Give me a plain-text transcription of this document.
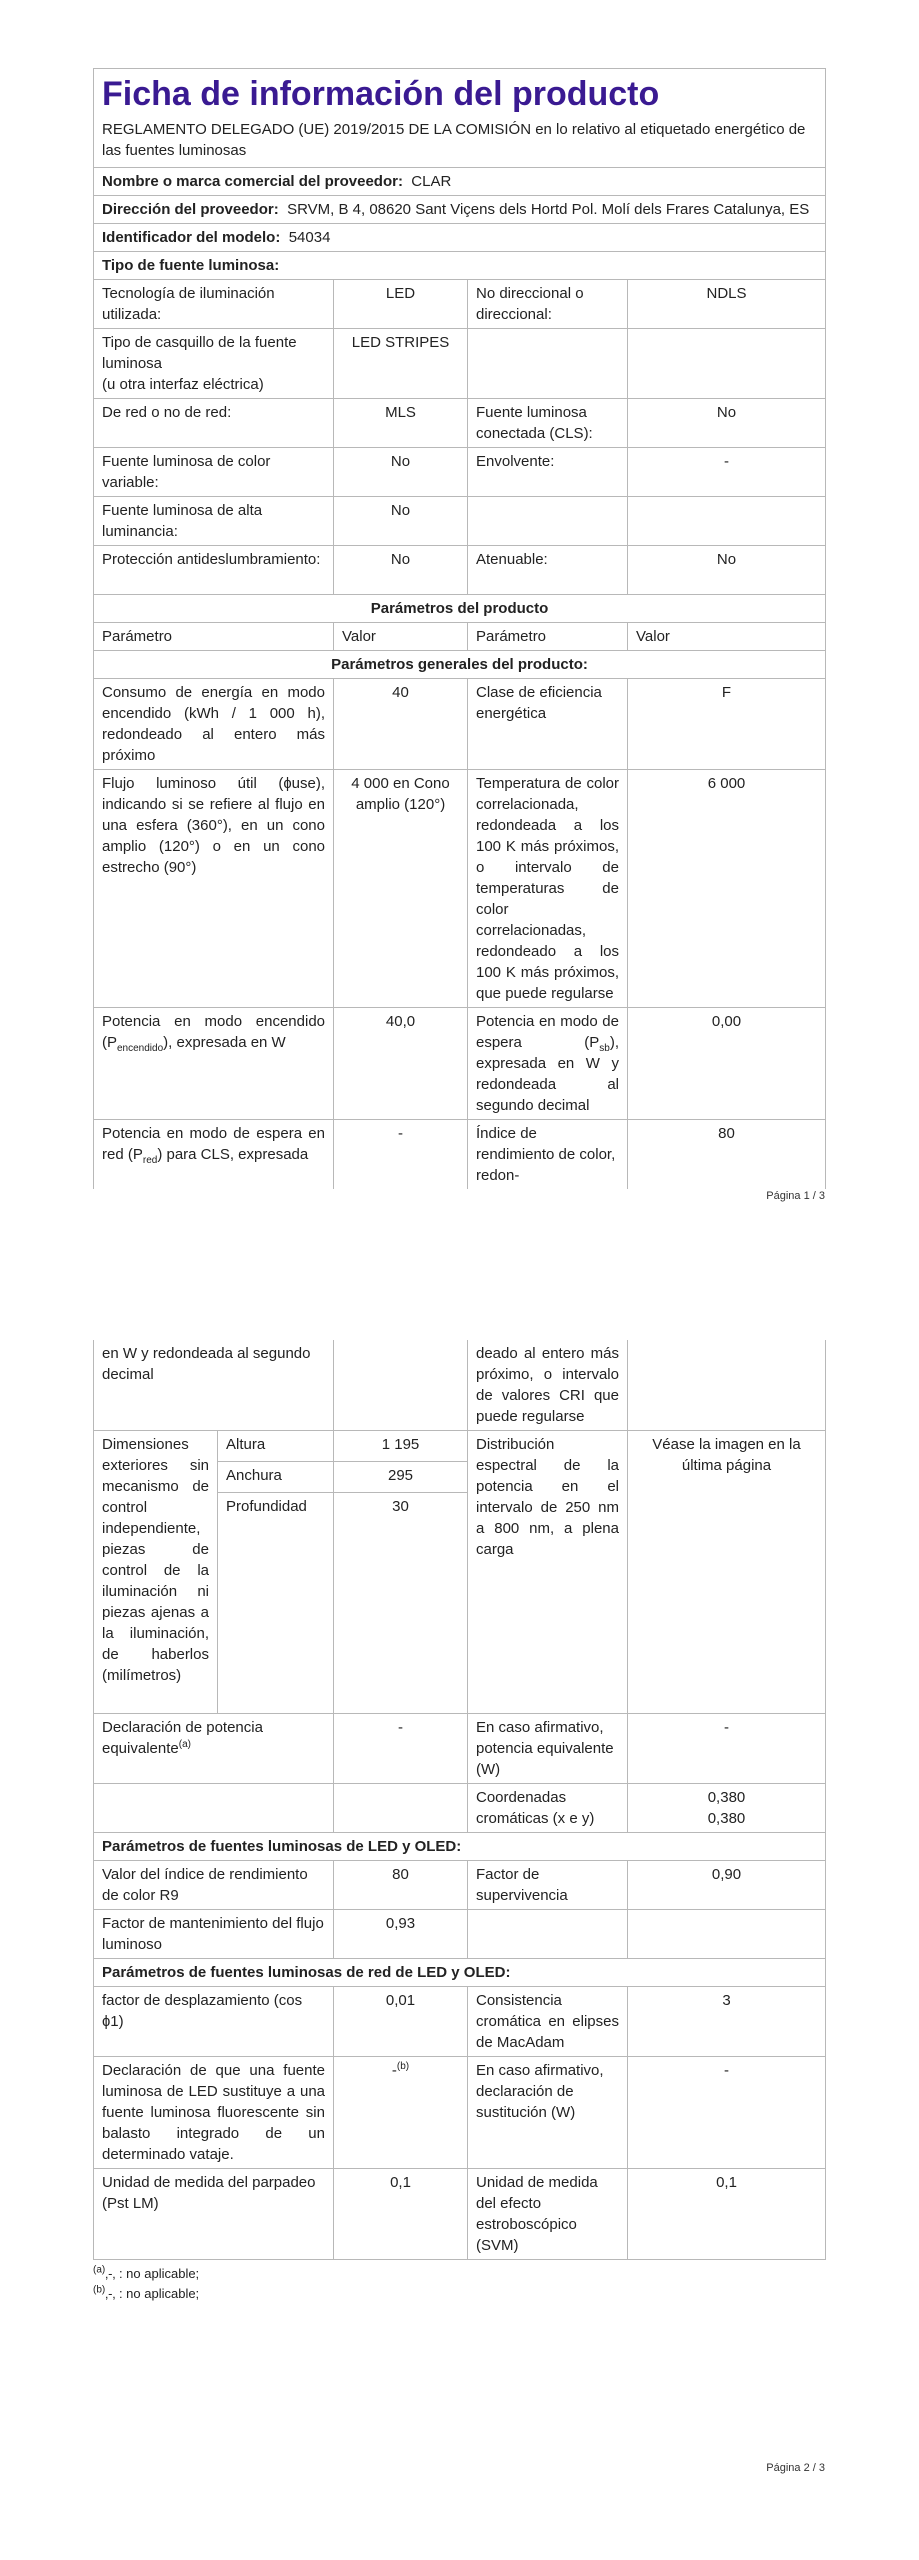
Ficha de información del producto			
REGLAMENTO DELEGADO (UE) 2019/2015 DE LA COMISIÓN en lo relativo al etiquetado energético de las fuentes luminosas			
Nombre o marca comercial del proveedor: CLAR			
Dirección del proveedor: SRVM, B 4, 08620 Sant Viçens dels Hortd Pol. Molí dels Frares Catalunya, ES			
Identificador del modelo: 54034			
Tipo de fuente luminosa:			
Tecnología de iluminación utilizada:	LED	No direccional o direccional:	NDLS

Tipo de casquillo de la fuente luminosa
(u otra interfaz eléctrica)	LED STRIPES		
De red o no de red:	MLS	Fuente luminosa conectada (CLS):	No
Fuente luminosa de color variable:	No	Envolvente:	-
Fuente luminosa de alta luminancia:	No		
Protección antideslumbramiento:	No	Atenuable:	No
Parámetros del producto			
Parámetro	Valor	Parámetro	Valor
Parámetros generales del producto:			
Consumo de energía en modo encendido (kWh / 1 000 h), redondeado al entero más próximo	40	Clase de eficiencia energética	F
Flujo luminoso útil (ɸuse), indicando si se refiere al flujo en una esfera (360°), en un cono amplio (120°) o en un cono estrecho (90°)	4 000 en Cono amplio (120°)	Temperatura de color correlacionada, redondeada a los 100 K más próximos, o intervalo de temperaturas de color correlacionadas, redondeado a los 100 K más próximos, que puede regularse	6 000
Potencia en modo encendido $(P_{encendido})$, expresada en W	40,0	Potencia en modo de espera $(P_{sb})$, expresada en W y redondeada al segundo decimal	0,00
Potencia en modo de espera en red $(P_{red})$ para CLS, expresada	-	Índice de rendimiento de color, redon-	80
Página 1 / 3
en W y redondeada al segundo decimal			deado al entero más próximo, o intervalo de valores CRI que puede regularse	
Dimensiones exteriores sin mecanismo de control independiente, piezas de control de la iluminación ni piezas ajenas a la iluminación, de haberlos (milímetros)	Altura	1 195	Distribución espectral de la potencia en el intervalo de 250 nm a 800 nm, a plena carga	Véase la imagen en la última página
	Anchura	295		
	Profundidad	30		
Declaración de potencia equivalente$^{(a)}$		-	En caso afirmativo, potencia equivalente (W)	-
			Coordenadas cromáticas (x e y)	0,380
0,380

Parámetros de fuentes luminosas de LED y OLED:				
Valor del índice de rendimiento de color R9		80	Factor de supervivencia	0,90
Factor de mantenimiento del flujo luminoso		0,93		
Parámetros de fuentes luminosas de red de LED y OLED:				
factor de desplazamiento (cos ɸ1)		0,01	Consistencia cromática en elipses de MacAdam	3
Declaración de que una fuente luminosa de LED sustituye a una fuente luminosa fluorescente sin balasto integrado de un determinado vataje.		-$^{(b)}$	En caso afirmativo, declaración de sustitución (W)	-
Unidad de medida del parpadeo (Pst LM)		0,1	Unidad de medida del efecto estroboscópico (SVM)	0,1
$^{(a)}$‚-‚ : no aplicable;
$^{(b)}$‚-‚ : no aplicable;
Página 2 / 3
